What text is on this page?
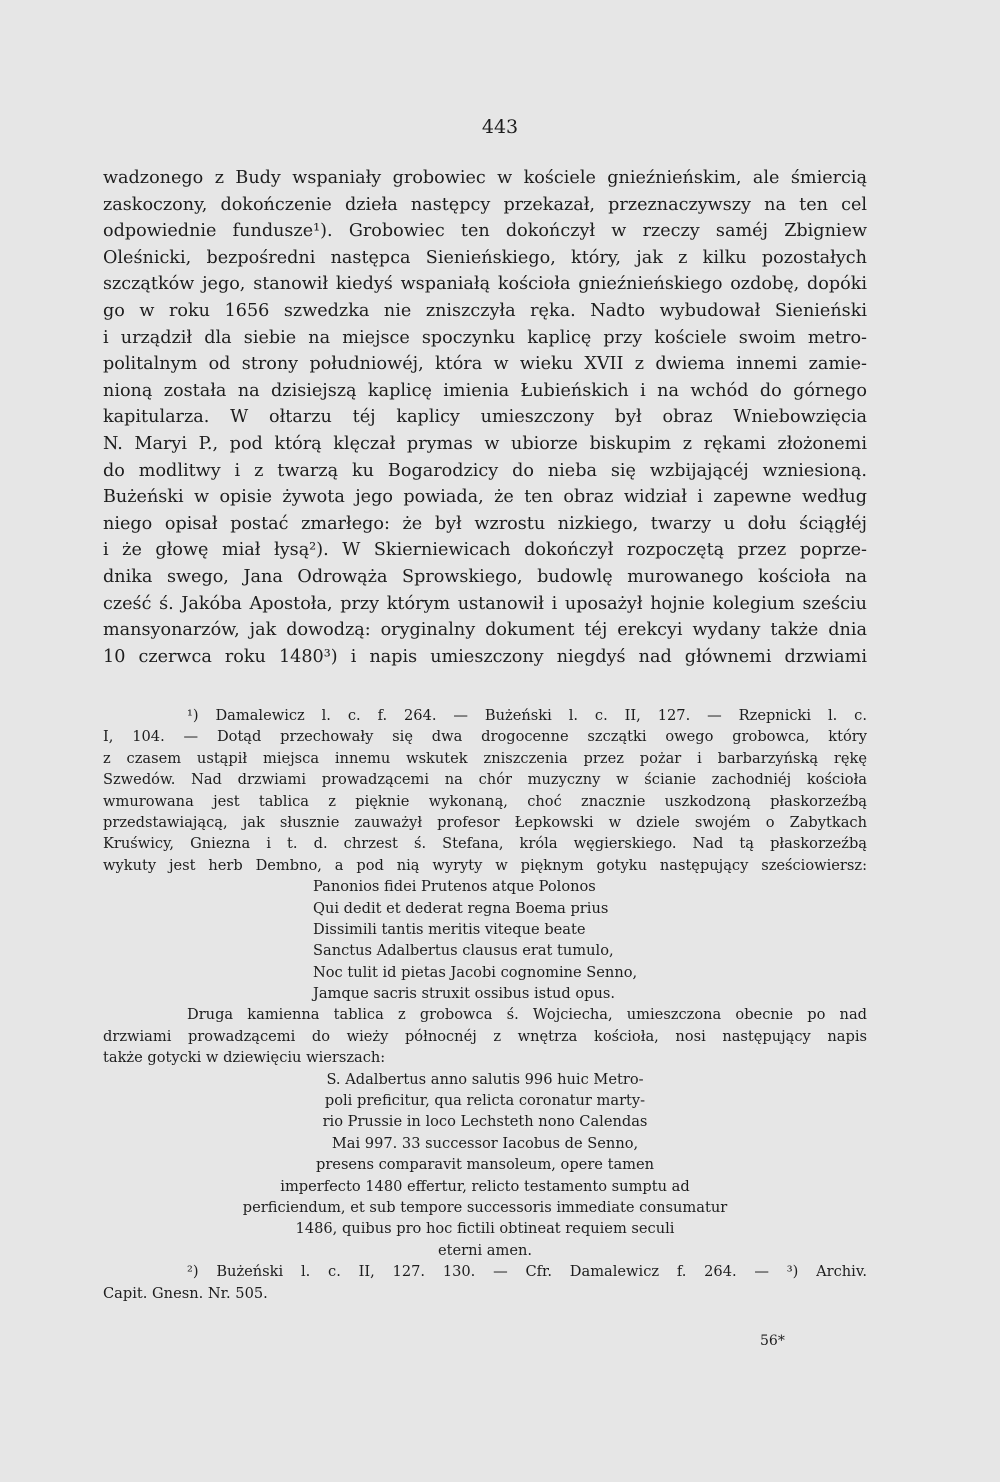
443
wadzonego z Budy wspaniały grobowiec w kościele gnieźnieńskim, ale śmiercią
zaskoczony, dokończenie dzieła następcy przekazał, przeznaczywszy na ten cel
odpowiednie fundusze¹). Grobowiec ten dokończył w rzeczy saméj Zbigniew
Oleśnicki, bezpośredni następca Sienieńskiego, który, jak z kilku pozostałych
szczątków jego, stanowił kiedyś wspaniałą kościoła gnieźnieńskiego ozdobę, dopóki
go w roku 1656 szwedzka nie zniszczyła ręka. Nadto wybudował Sienieński
i urządził dla siebie na miejsce spoczynku kaplicę przy kościele swoim metro-
politalnym od strony południowéj, która w wieku XVII z dwiema innemi zamie-
nioną została na dzisiejszą kaplicę imienia Łubieńskich i na wchód do górnego
kapitularza. W ołtarzu téj kaplicy umieszczony był obraz Wniebowzięcia
N. Maryi P., pod którą klęczał prymas w ubiorze biskupim z rękami złożonemi
do modlitwy i z twarzą ku Bogarodzicy do nieba się wzbijającéj wzniesioną.
Bużeński w opisie żywota jego powiada, że ten obraz widział i zapewne według
niego opisał postać zmarłego: że był wzrostu nizkiego, twarzy u dołu ściągłéj
i że głowę miał łysą²). W Skierniewicach dokończył rozpoczętą przez poprze-
dnika swego, Jana Odrowąża Sprowskiego, budowlę murowanego kościoła na
cześć ś. Jakóba Apostoła, przy którym ustanowił i uposażył hojnie kolegium sześciu
mansyonarzów, jak dowodzą: oryginalny dokument téj erekcyi wydany także dnia
10 czerwca roku 1480³) i napis umieszczony niegdyś nad głównemi drzwiami
¹) Damalewicz l. c. f. 264. — Bużeński l. c. II, 127. — Rzepnicki l. c.
I, 104. — Dotąd przechowały się dwa drogocenne szczątki owego grobowca, który
z czasem ustąpił miejsca innemu wskutek zniszczenia przez pożar i barbarzyńską rękę
Szwedów. Nad drzwiami prowadzącemi na chór muzyczny w ścianie zachodniéj kościoła
wmurowana jest tablica z pięknie wykonaną, choć znacznie uszkodzoną płaskorzeźbą
przedstawiającą, jak słusznie zauważył profesor Łepkowski w dziele swojém o Zabytkach
Kruświcy, Gniezna i t. d. chrzest ś. Stefana, króla węgierskiego. Nad tą płaskorzeźbą
wykuty jest herb Dembno, a pod nią wyryty w pięknym gotyku następujący sześciowiersz:
Panonios fidei Prutenos atque Polonos
Qui dedit et dederat regna Boema prius
Dissimili tantis meritis viteque beate
Sanctus Adalbertus clausus erat tumulo,
Noc tulit id pietas Jacobi cognomine Senno,
Jamque sacris struxit ossibus istud opus.
Druga kamienna tablica z grobowca ś. Wojciecha, umieszczona obecnie po nad
drzwiami prowadzącemi do wieży północnéj z wnętrza kościoła, nosi następujący napis
także gotycki w dziewięciu wierszach:
S. Adalbertus anno salutis 996 huic Metro-
poli preficitur, qua relicta coronatur marty-
rio Prussie in loco Lechsteth nono Calendas
Mai 997. 33 successor Iacobus de Senno,
presens comparavit mansoleum, opere tamen
imperfecto 1480 effertur, relicto testamento sumptu ad
perficiendum, et sub tempore successoris immediate consumatur
1486, quibus pro hoc fictili obtineat requiem seculi
eterni amen.
²) Bużeński l. c. II, 127. 130. — Cfr. Damalewicz f. 264. — ³) Archiv.
Capit. Gnesn. Nr. 505.
56*
